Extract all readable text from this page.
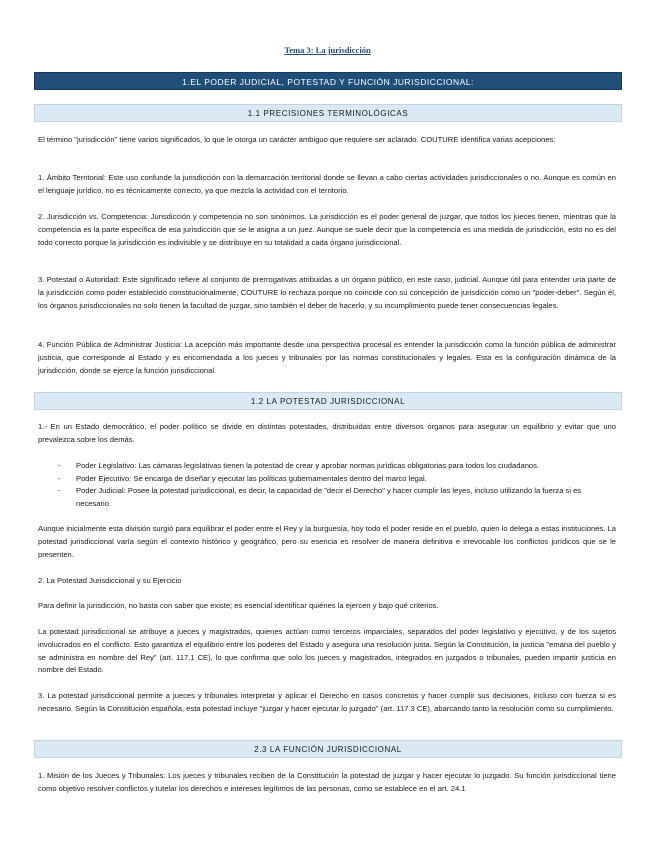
Tema 3: La jurisdicción
1.EL PODER JUDICIAL, POTESTAD Y FUNCIÓN JURISDICCIONAL:
1.1 PRECISIONES TERMINOLÓGICAS

El término "jurisdicción" tiene varios significados, lo que le otorga un carácter ambiguo que requiere ser aclarado. COUTURE identifica varias acepciones:

1. Ámbito Territorial: Este uso confunde la jurisdicción con la demarcación territorial donde se llevan a cabo ciertas actividades jurisdiccionales o no. Aunque es común en el lenguaje jurídico, no es técnicamente correcto, ya que mezcla la actividad con el territorio.

2. Jurisdicción vs. Competencia: Jurisdicción y competencia no son sinónimos. La jurisdicción es el poder general de juzgar, que todos los jueces tienen, mientras que la competencia es la parte específica de esa jurisdicción que se le asigna a un juez. Aunque se suele decir que la competencia es una medida de jurisdicción, esto no es del todo correcto porque la jurisdicción es indivisible y se distribuye en su totalidad a cada órgano jurisdiccional.

3. Potestad o Autoridad: Este significado refiere al conjunto de prerrogativas atribuidas a un órgano público, en este caso, judicial. Aunque útil para entender una parte de la jurisdicción como poder establecido constitucionalmente, COUTURE lo rechaza porque no coincide con su concepción de jurisdicción como un "poder-deber". Según él, los órganos jurisdiccionales no solo tienen la facultad de juzgar, sino también el deber de hacerlo, y su incumplimiento puede tener consecuencias legales.

4. Función Pública de Administrar Justicia: La acepción más importante desde una perspectiva procesal es entender la jurisdicción como la función pública de administrar justicia, que corresponde al Estado y es encomendada a los jueces y tribunales por las normas constitucionales y legales. Esta es la configuración dinámica de la jurisdicción, donde se ejerce la función jurisdiccional.

1.2 LA POTESTAD JURISDICCIONAL

1.- En un Estado democrático, el poder político se divide en distintas potestades, distribuidas entre diversos órganos para asegurar un equilibrio y evitar que uno prevalezca sobre los demás.

- Poder Legislativo: Las cámaras legislativas tienen la potestad de crear y aprobar normas jurídicas obligatorias para todos los ciudadanos.
- Poder Ejecutivo: Se encarga de diseñar y ejecutar las políticas gubernamentales dentro del marco legal.
- Poder Judicial: Posee la potestad jurisdiccional, es decir, la capacidad de "decir el Derecho" y hacer cumplir las leyes, incluso utilizando la fuerza si es necesario.

Aunque inicialmente esta división surgió para equilibrar el poder entre el Rey y la burguesía, hoy todo el poder reside en el pueblo, quien lo delega a estas instituciones. La potestad jurisdiccional varía según el contexto histórico y geográfico, pero su esencia es resolver de manera definitiva e irrevocable los conflictos jurídicos que se le presenten.

2. La Potestad Jurisdiccional y su Ejercicio

Para definir la jurisdicción, no basta con saber que existe; es esencial identificar quiénes la ejercen y bajo qué criterios.

La potestad jurisdiccional se atribuye a jueces y magistrados, quienes actúan como terceros imparciales, separados del poder legislativo y ejecutivo, y de los sujetos involucrados en el conflicto. Esto garantiza el equilibrio entre los poderes del Estado y asegura una resolución justa. Según la Constitución, la justicia "emana del pueblo y se administra en nombre del Rey" (art. 117.1 CE), lo que confirma que solo los jueces y magistrados, integrados en juzgados o tribunales, pueden impartir justicia en nombre del Estado.

3. La potestad jurisdiccional permite a jueces y tribunales interpretar y aplicar el Derecho en casos concretos y hacer cumplir sus decisiones, incluso con fuerza si es necesario. Según la Constitución española, esta potestad incluye "juzgar y hacer ejecutar lo juzgado" (art. 117.3 CE), abarcando tanto la resolución como su cumplimiento.

2.3 LA FUNCIÓN JURISDICCIONAL

1. Misión de los Jueces y Tribunales: Los jueces y tribunales reciben de la Constitución la potestad de juzgar y hacer ejecutar lo juzgado. Su función jurisdiccional tiene como objetivo resolver conflictos y tutelar los derechos e intereses legítimos de las personas, como se establece en el art. 24.1
